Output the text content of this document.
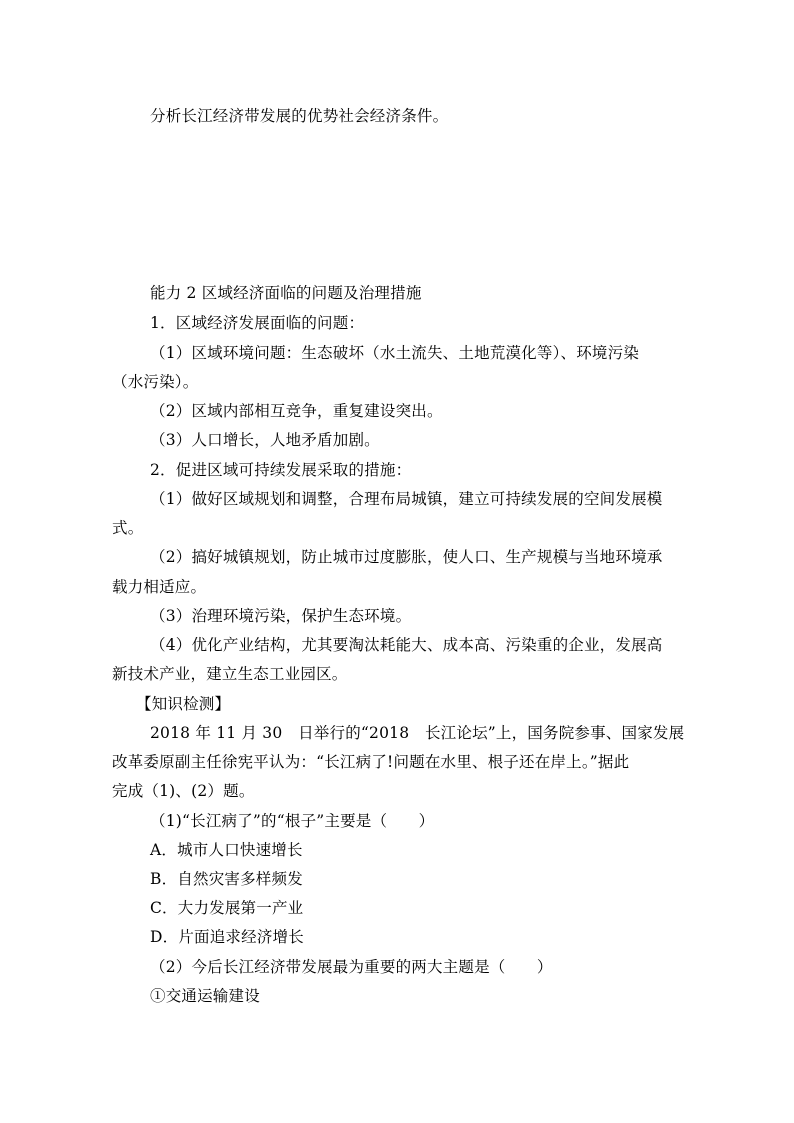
分析长江经济带发展的优势社会经济条件。
能力 2 区域经济面临的问题及治理措施
1．区域经济发展面临的问题：
（1）区域环境问题：生态破坏（水土流失、土地荒漠化等）、环境污染
（水污染）。
（2）区域内部相互竞争，重复建设突出。
（3）人口增长，人地矛盾加剧。
2．促进区域可持续发展采取的措施：
（1）做好区域规划和调整，合理布局城镇，建立可持续发展的空间发展模
式。
（2）搞好城镇规划，防止城市过度膨胀，使人口、生产规模与当地环境承
载力相适应。
（3）治理环境污染，保护生态环境。
（4）优化产业结构，尤其要淘汰耗能大、成本高、污染重的企业，发展高
新技术产业，建立生态工业园区。
【知识检测】
2018 年 11 月 30　日举行的“2018　长江论坛”上，国务院参事、国家发展
改革委原副主任徐宪平认为：“长江病了!问题在水里、根子还在岸上。”据此
完成（1)、(2）题。
（1)“长江病了”的“根子”主要是（　　）
A．城市人口快速增长
B．自然灾害多样频发
C．大力发展第一产业
D．片面追求经济增长
（2）今后长江经济带发展最为重要的两大主题是（　　）
①交通运输建设
